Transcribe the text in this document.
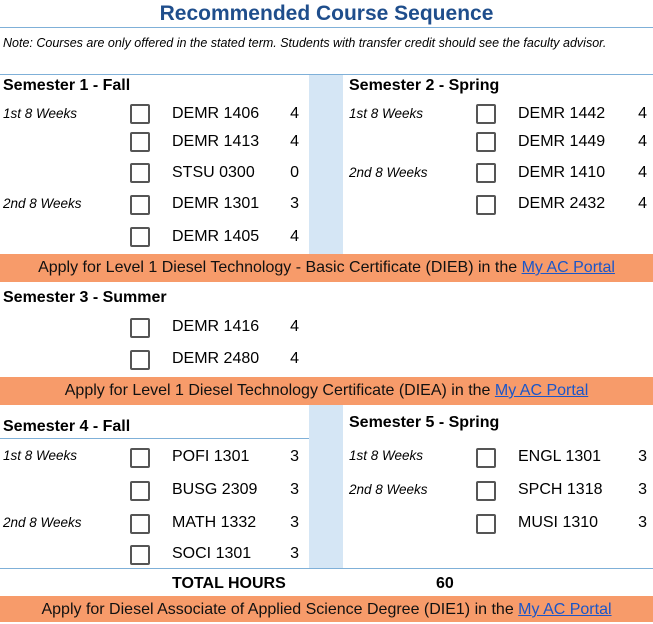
Recommended Course Sequence
Note: Courses are only offered in the stated term. Students with transfer credit should see the faculty advisor.
Semester 1 - Fall	Semester 2 - Spring
1st 8 Weeks	DEMR 1406	4
DEMR 1413	4
STSU 0300	0
2nd 8 Weeks	DEMR 1301	3
DEMR 1405	4
1st 8 Weeks	DEMR 1442	4
DEMR 1449	4
2nd 8 Weeks	DEMR 1410	4
DEMR 2432	4
Apply for Level 1 Diesel Technology - Basic Certificate (DIEB) in the My AC Portal
Semester 3 - Summer
DEMR 1416	4
DEMR 2480	4
Apply for Level 1 Diesel Technology Certificate (DIEA) in the My AC Portal
Semester 4 - Fall	Semester 5 - Spring
1st 8 Weeks	POFI 1301	3
BUSG 2309	3
2nd 8 Weeks	MATH 1332	3
SOCI 1301	3
1st 8 Weeks	ENGL 1301	3
2nd 8 Weeks	SPCH 1318	3
MUSI 1310	3
TOTAL HOURS	60
Apply for Diesel Associate of Applied Science Degree (DIE1) in the My AC Portal
